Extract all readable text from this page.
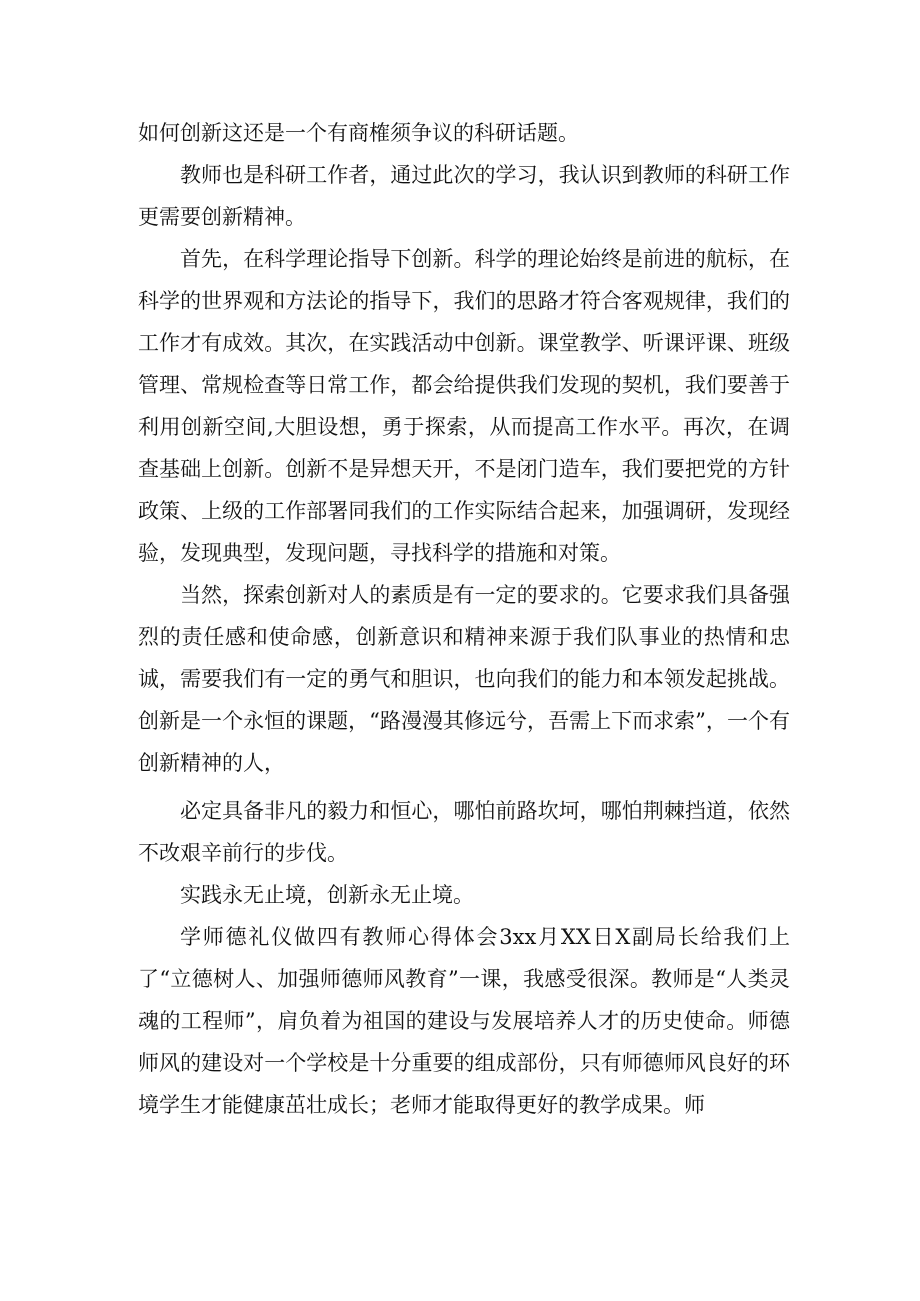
如何创新这还是一个有商榷须争议的科研话题。

教师也是科研工作者，通过此次的学习，我认识到教师的科研工作更需要创新精神。

首先，在科学理论指导下创新。科学的理论始终是前进的航标，在科学的世界观和方法论的指导下，我们的思路才符合客观规律，我们的工作才有成效。其次，在实践活动中创新。课堂教学、听课评课、班级管理、常规检查等日常工作，都会给提供我们发现的契机，我们要善于利用创新空间,大胆设想，勇于探索，从而提高工作水平。再次，在调查基础上创新。创新不是异想天开，不是闭门造车，我们要把党的方针政策、上级的工作部署同我们的工作实际结合起来，加强调研，发现经验，发现典型，发现问题，寻找科学的措施和对策。

当然，探索创新对人的素质是有一定的要求的。它要求我们具备强烈的责任感和使命感，创新意识和精神来源于我们队事业的热情和忠诚，需要我们有一定的勇气和胆识，也向我们的能力和本领发起挑战。创新是一个永恒的课题，“路漫漫其修远兮，吾需上下而求索”，一个有创新精神的人，

必定具备非凡的毅力和恒心，哪怕前路坎坷，哪怕荆棘挡道，依然不改艰辛前行的步伐。

实践永无止境，创新永无止境。

学师德礼仪做四有教师心得体会3xx月XX日X副局长给我们上了“立德树人、加强师德师风教育”一课，我感受很深。教师是“人类灵魂的工程师”，肩负着为祖国的建设与发展培养人才的历史使命。师德师风的建设对一个学校是十分重要的组成部份，只有师德师风良好的环境学生才能健康茁壮成长；老师才能取得更好的教学成果。师
